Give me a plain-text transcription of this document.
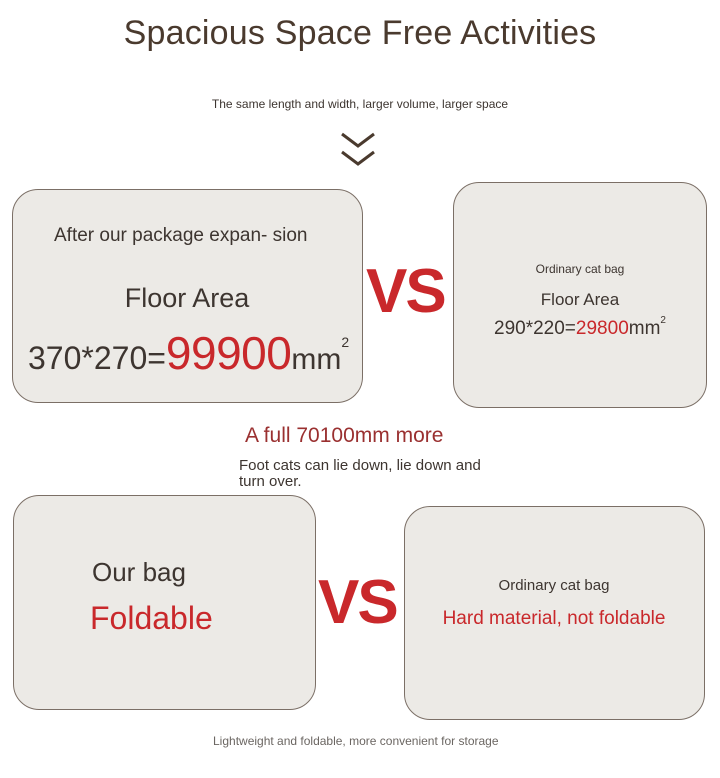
Spacious Space Free Activities
The same length and width, larger volume, larger space
After our package expan- sion
Floor Area
$370*270=99900mm^2$
VS	Ordinary cat bag
Floor Area
$290*220=29800mm^2$
A full 70100mm more
Foot cats can lie down, lie down and turn over.
Our bag
Foldable VS	Ordinary cat bag
Hard material, not foldable
Lightweight and foldable, more convenient for storage
